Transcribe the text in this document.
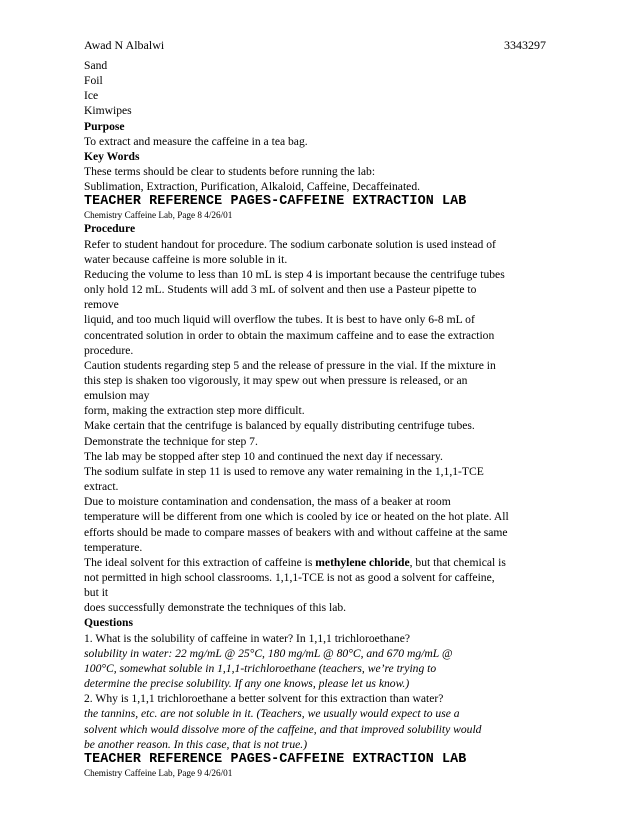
Awad N Albalwi	3343297
Sand
Foil
Ice
Kimwipes
Purpose
To extract and measure the caffeine in a tea bag.
Key Words
These terms should be clear to students before running the lab:
Sublimation, Extraction, Purification, Alkaloid, Caffeine, Decaffeinated.
TEACHER REFERENCE PAGES-CAFFEINE EXTRACTION LAB
Chemistry Caffeine Lab, Page 8 4/26/01
Procedure
Refer to student handout for procedure. The sodium carbonate solution is used instead of
water because caffeine is more soluble in it.
Reducing the volume to less than 10 mL is step 4 is important because the centrifuge tubes
only hold 12 mL. Students will add 3 mL of solvent and then use a Pasteur pipette to
remove
liquid, and too much liquid will overflow the tubes. It is best to have only 6-8 mL of
concentrated solution in order to obtain the maximum caffeine and to ease the extraction
procedure.
Caution students regarding step 5 and the release of pressure in the vial. If the mixture in
this step is shaken too vigorously, it may spew out when pressure is released, or an
emulsion may
form, making the extraction step more difficult.
Make certain that the centrifuge is balanced by equally distributing centrifuge tubes.
Demonstrate the technique for step 7.
The lab may be stopped after step 10 and continued the next day if necessary.
The sodium sulfate in step 11 is used to remove any water remaining in the 1,1,1-TCE
extract.
Due to moisture contamination and condensation, the mass of a beaker at room
temperature will be different from one which is cooled by ice or heated on the hot plate. All
efforts should be made to compare masses of beakers with and without caffeine at the same
temperature.
The ideal solvent for this extraction of caffeine is methylene chloride, but that chemical is
not permitted in high school classrooms. 1,1,1-TCE is not as good a solvent for caffeine,
but it
does successfully demonstrate the techniques of this lab.
Questions
1. What is the solubility of caffeine in water? In 1,1,1 trichloroethane?
solubility in water: 22 mg/mL @ 25°C, 180 mg/mL @ 80°C, and 670 mg/mL @
100°C, somewhat soluble in 1,1,1-trichloroethane (teachers, we’re trying to
determine the precise solubility. If any one knows, please let us know.)
2. Why is 1,1,1 trichloroethane a better solvent for this extraction than water?
the tannins, etc. are not soluble in it. (Teachers, we usually would expect to use a
solvent which would dissolve more of the caffeine, and that improved solubility would
be another reason. In this case, that is not true.)
TEACHER REFERENCE PAGES-CAFFEINE EXTRACTION LAB
Chemistry Caffeine Lab, Page 9 4/26/01
